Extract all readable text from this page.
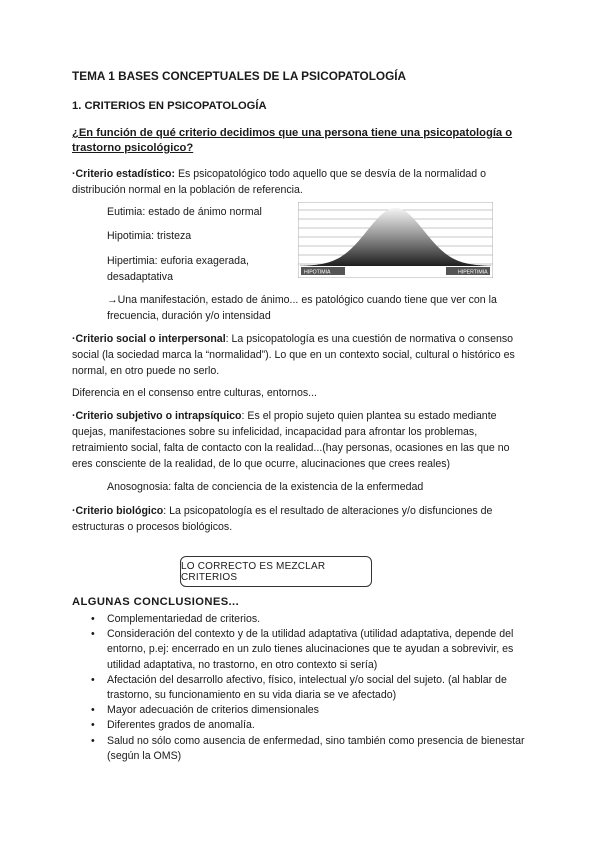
TEMA 1 BASES CONCEPTUALES DE LA PSICOPATOLOGÍA
1. CRITERIOS EN PSICOPATOLOGÍA
¿En función de qué criterio decidimos que una persona tiene una psicopatología o trastorno psicológico?
·Criterio estadístico: Es psicopatológico todo aquello que se desvía de la normalidad o distribución normal en la población de referencia.
Eutimia: estado de ánimo normal
Hipotimia: tristeza
Hipertimia: euforia exagerada, desadaptativa	HIPOTIMIA	HIPERTIMIA
→Una manifestación, estado de ánimo... es patológico cuando tiene que ver con la frecuencia, duración y/o intensidad
·Criterio social o interpersonal: La psicopatología es una cuestión de normativa o consenso social (la sociedad marca la “normalidad”). Lo que en un contexto social, cultural o histórico es normal, en otro puede no serlo.
Diferencia en el consenso entre culturas, entornos...
·Criterio subjetivo o intrapsíquico: Es el propio sujeto quien plantea su estado mediante quejas, manifestaciones sobre su infelicidad, incapacidad para afrontar los problemas, retraimiento social, falta de contacto con la realidad...(hay personas, ocasiones en las que no eres consciente de la realidad, de lo que ocurre, alucinaciones que crees reales)
Anosognosia: falta de conciencia de la existencia de la enfermedad
·Criterio biológico: La psicopatología es el resultado de alteraciones y/o disfunciones de estructuras o procesos biológicos.
LO CORRECTO ES MEZCLAR CRITERIOS
ALGUNAS CONCLUSIONES...
• Complementariedad de criterios.
• Consideración del contexto y de la utilidad adaptativa (utilidad adaptativa, depende del entorno, p.ej: encerrado en un zulo tienes alucinaciones que te ayudan a sobrevivir, es utilidad adaptativa, no trastorno, en otro contexto si sería)
• Afectación del desarrollo afectivo, físico, intelectual y/o social del sujeto. (al hablar de trastorno, su funcionamiento en su vida diaria se ve afectado)
• Mayor adecuación de criterios dimensionales
• Diferentes grados de anomalía.
• Salud no sólo como ausencia de enfermedad, sino también como presencia de bienestar (según la OMS)
